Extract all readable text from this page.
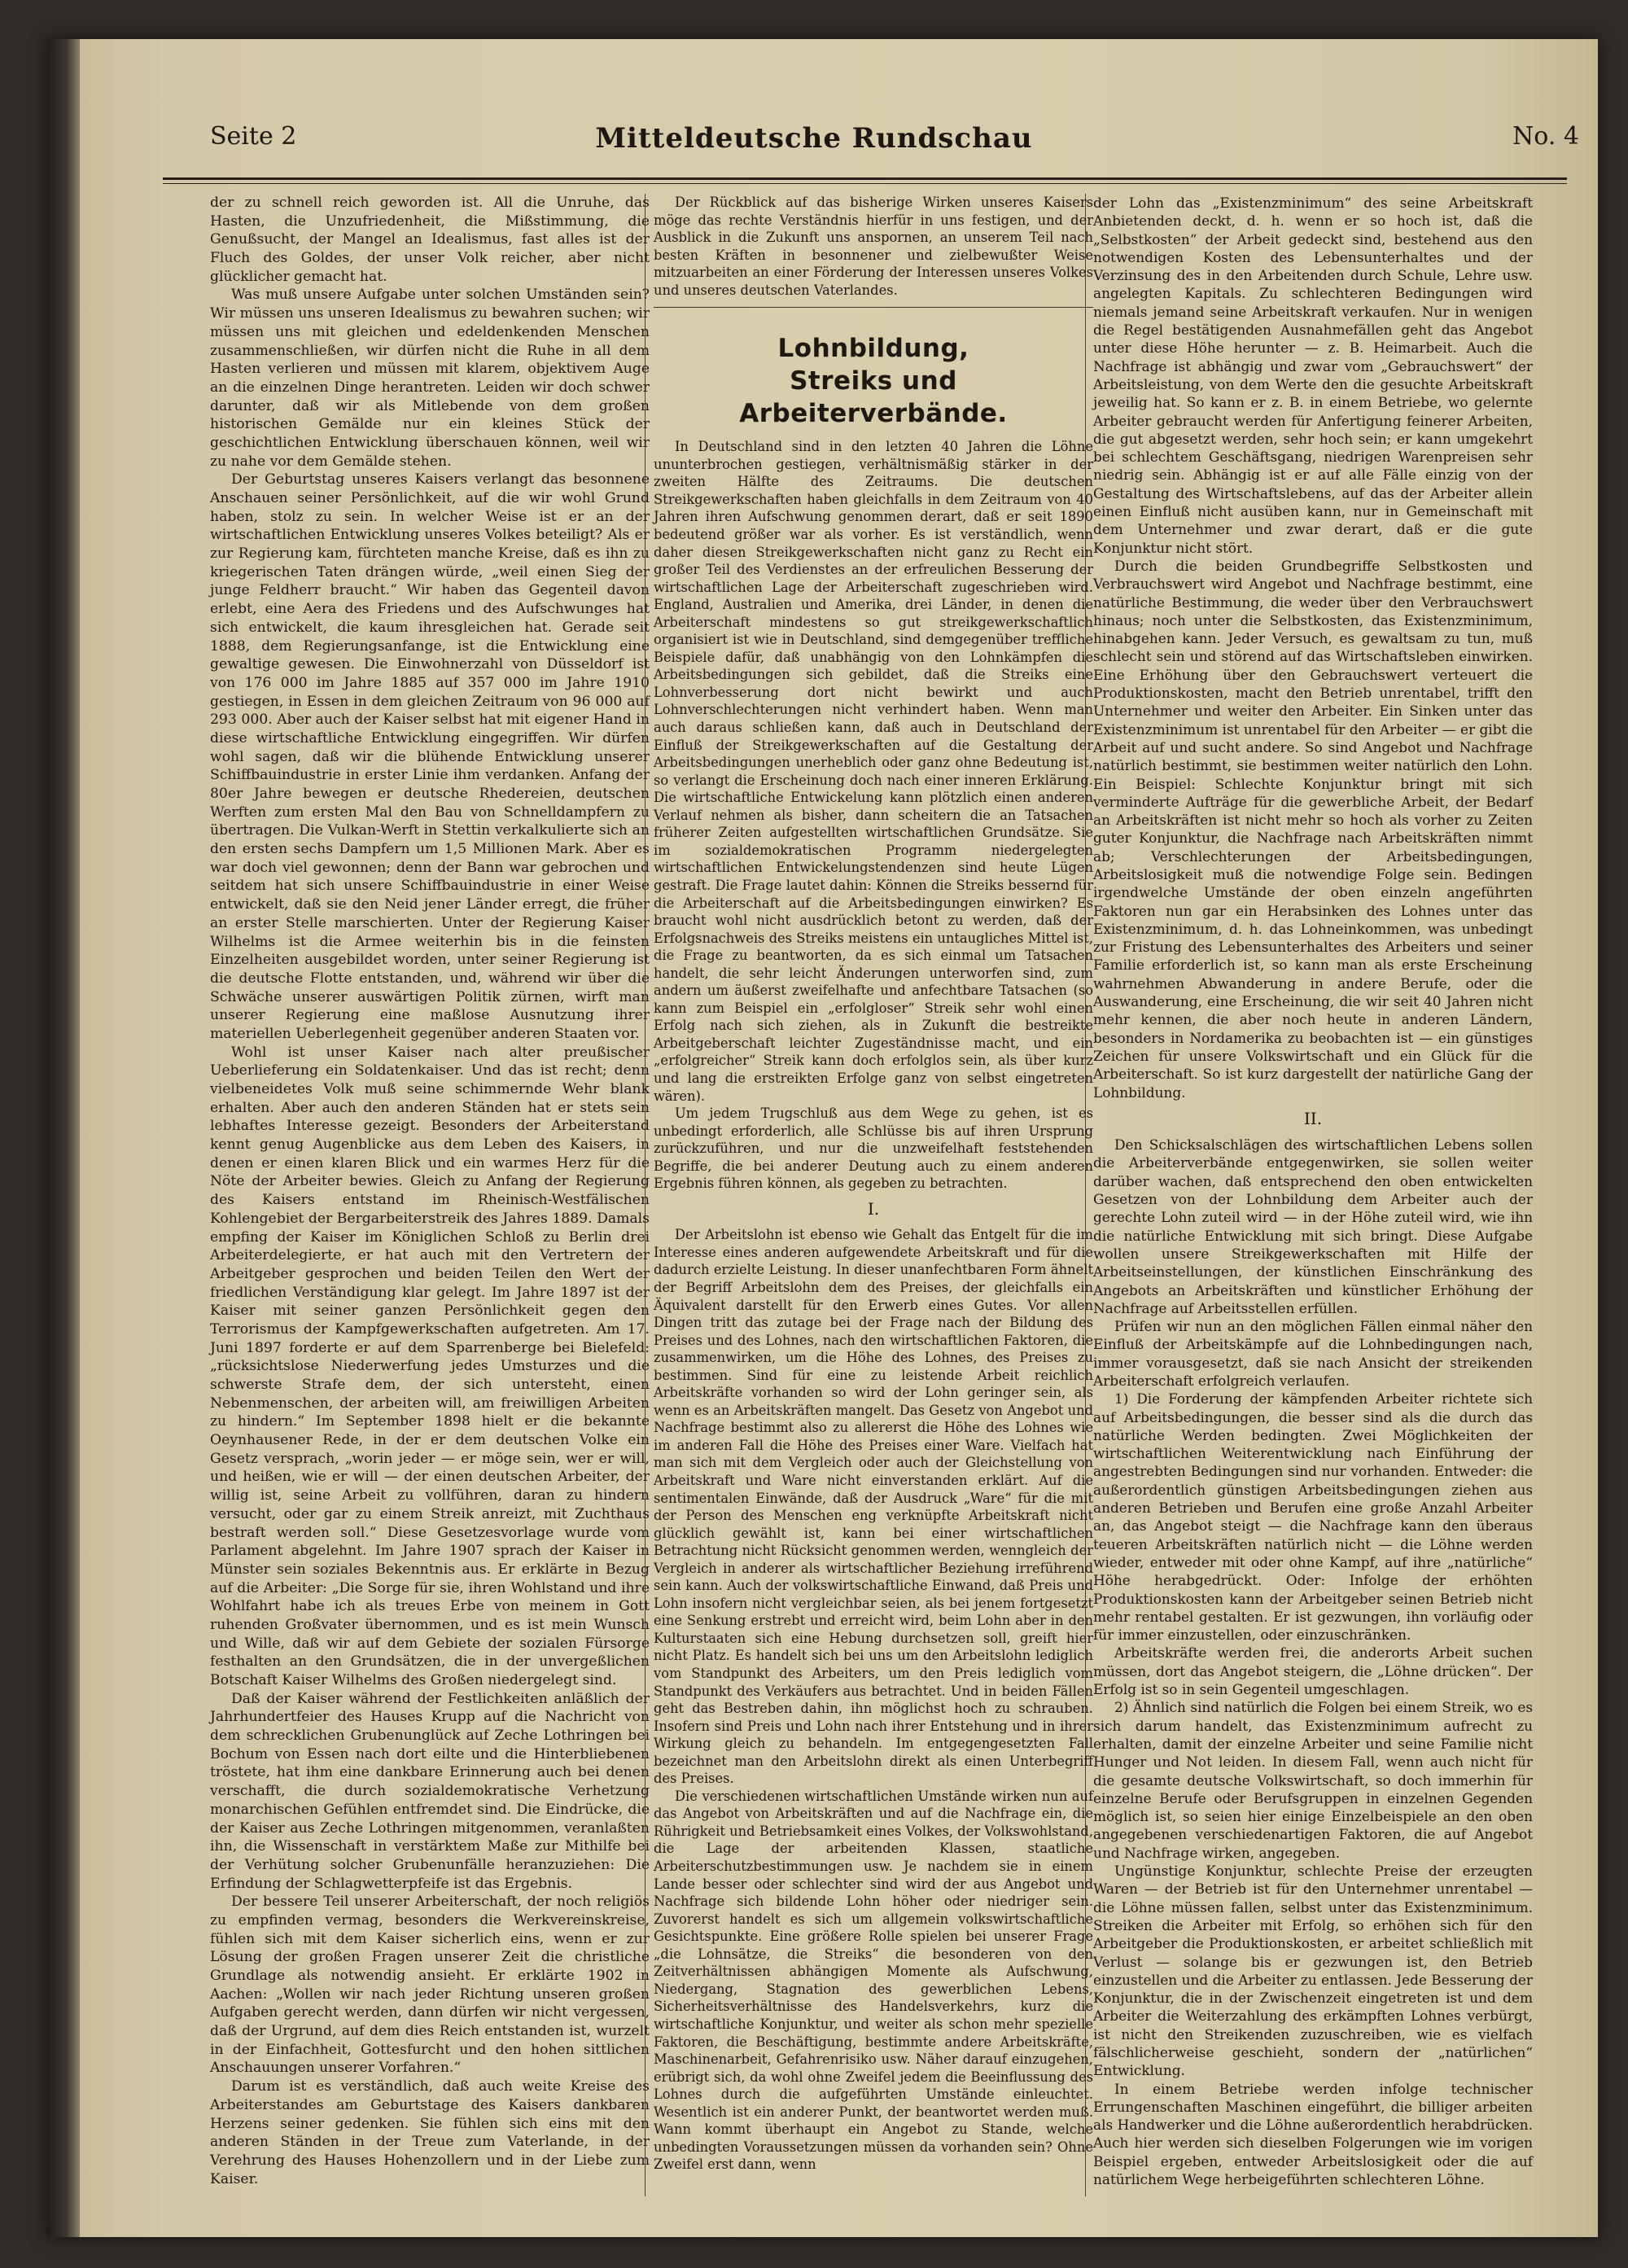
Seite 2	Mitteldeutsche Rundschau	No. 4

der zu schnell reich geworden ist. All die Unruhe, das Hasten, die Unzufriedenheit, die Mißstimmung, die Genußsucht, der Mangel an Idealismus, fast alles ist der Fluch des Goldes, der unser Volk reicher, aber nicht glücklicher gemacht hat.

Was muß unsere Aufgabe unter solchen Umständen sein? Wir müssen uns unseren Idealismus zu bewahren suchen; wir müssen uns mit gleichen und edeldenkenden Menschen zusammenschließen, wir dürfen nicht die Ruhe in all dem Hasten verlieren und müssen mit klarem, objektivem Auge an die einzelnen Dinge herantreten. Leiden wir doch schwer darunter, daß wir als Mitlebende von dem großen historischen Gemälde nur ein kleines Stück der geschichtlichen Entwicklung überschauen können, weil wir zu nahe vor dem Gemälde stehen.

Der Geburtstag unseres Kaisers verlangt das besonnene Anschauen seiner Persönlichkeit, auf die wir wohl Grund haben, stolz zu sein. In welcher Weise ist er an der wirtschaftlichen Entwicklung unseres Volkes beteiligt? Als er zur Regierung kam, fürchteten manche Kreise, daß es ihn zu kriegerischen Taten drängen würde, „weil einen Sieg der junge Feldherr braucht.“ Wir haben das Gegenteil davon erlebt, eine Aera des Friedens und des Aufschwunges hat sich entwickelt, die kaum ihresgleichen hat. Gerade seit 1888, dem Regierungsanfange, ist die Entwicklung eine gewaltige gewesen. Die Einwohnerzahl von Düsseldorf ist von 176 000 im Jahre 1885 auf 357 000 im Jahre 1910 gestiegen, in Essen in dem gleichen Zeitraum von 96 000 auf 293 000. Aber auch der Kaiser selbst hat mit eigener Hand in diese wirtschaftliche Entwicklung eingegriffen. Wir dürfen wohl sagen, daß wir die blühende Entwicklung unserer Schiffbauindustrie in erster Linie ihm verdanken. Anfang der 80er Jahre bewegen er deutsche Rhedereien, deutschen Werften zum ersten Mal den Bau von Schnelldampfern zu übertragen. Die Vulkan-Werft in Stettin verkalkulierte sich an den ersten sechs Dampfern um 1,5 Millionen Mark. Aber es war doch viel gewonnen; denn der Bann war gebrochen und seitdem hat sich unsere Schiffbauindustrie in einer Weise entwickelt, daß sie den Neid jener Länder erregt, die früher an erster Stelle marschierten. Unter der Regierung Kaiser Wilhelms ist die Armee weiterhin bis in die feinsten Einzelheiten ausgebildet worden, unter seiner Regierung ist die deutsche Flotte entstanden, und, während wir über die Schwäche unserer auswärtigen Politik zürnen, wirft man unserer Regierung eine maßlose Ausnutzung ihrer materiellen Ueberlegenheit gegenüber anderen Staaten vor.

Wohl ist unser Kaiser nach alter preußischer Ueberlieferung ein Soldatenkaiser. Und das ist recht; denn vielbeneidetes Volk muß seine schimmernde Wehr blank erhalten. Aber auch den anderen Ständen hat er stets sein lebhaftes Interesse gezeigt. Besonders der Arbeiterstand kennt genug Augenblicke aus dem Leben des Kaisers, in denen er einen klaren Blick und ein warmes Herz für die Nöte der Arbeiter bewies. Gleich zu Anfang der Regierung des Kaisers entstand im Rheinisch-Westfälischen Kohlengebiet der Bergarbeiterstreik des Jahres 1889. Damals empfing der Kaiser im Königlichen Schloß zu Berlin drei Arbeiterdelegierte, er hat auch mit den Vertretern der Arbeitgeber gesprochen und beiden Teilen den Wert der friedlichen Verständigung klar gelegt. Im Jahre 1897 ist der Kaiser mit seiner ganzen Persönlichkeit gegen den Terrorismus der Kampfgewerkschaften aufgetreten. Am 17. Juni 1897 forderte er auf dem Sparrenberge bei Bielefeld: „rücksichtslose Niederwerfung jedes Umsturzes und die schwerste Strafe dem, der sich untersteht, einen Nebenmenschen, der arbeiten will, am freiwilligen Arbeiten zu hindern.“ Im September 1898 hielt er die bekannte Oeynhausener Rede, in der er dem deutschen Volke ein Gesetz versprach, „worin jeder — er möge sein, wer er will, und heißen, wie er will — der einen deutschen Arbeiter, der willig ist, seine Arbeit zu vollführen, daran zu hindern versucht, oder gar zu einem Streik anreizt, mit Zuchthaus bestraft werden soll.“ Diese Gesetzesvorlage wurde vom Parlament abgelehnt. Im Jahre 1907 sprach der Kaiser in Münster sein soziales Bekenntnis aus. Er erklärte in Bezug auf die Arbeiter: „Die Sorge für sie, ihren Wohlstand und ihre Wohlfahrt habe ich als treues Erbe von meinem in Gott ruhenden Großvater übernommen, und es ist mein Wunsch und Wille, daß wir auf dem Gebiete der sozialen Fürsorge festhalten an den Grundsätzen, die in der unvergeßlichen Botschaft Kaiser Wilhelms des Großen niedergelegt sind.

Daß der Kaiser während der Festlichkeiten anläßlich der Jahrhundertfeier des Hauses Krupp auf die Nachricht von dem schrecklichen Grubenunglück auf Zeche Lothringen bei Bochum von Essen nach dort eilte und die Hinterbliebenen tröstete, hat ihm eine dankbare Erinnerung auch bei denen verschafft, die durch sozialdemokratische Verhetzung monarchischen Gefühlen entfremdet sind. Die Eindrücke, die der Kaiser aus Zeche Lothringen mitgenommen, veranlaßten ihn, die Wissenschaft in verstärktem Maße zur Mithilfe bei der Verhütung solcher Grubenunfälle heranzuziehen: Die Erfindung der Schlagwetterpfeife ist das Ergebnis.

Der bessere Teil unserer Arbeiterschaft, der noch religiös zu empfinden vermag, besonders die Werkvereinskreise, fühlen sich mit dem Kaiser sicherlich eins, wenn er zur Lösung der großen Fragen unserer Zeit die christliche Grundlage als notwendig ansieht. Er erklärte 1902 in Aachen: „Wollen wir nach jeder Richtung unseren großen Aufgaben gerecht werden, dann dürfen wir nicht vergessen, daß der Urgrund, auf dem dies Reich entstanden ist, wurzelt in der Einfachheit, Gottesfurcht und den hohen sittlichen Anschauungen unserer Vorfahren.“

Darum ist es verständlich, daß auch weite Kreise des Arbeiterstandes am Geburtstage des Kaisers dankbaren Herzens seiner gedenken. Sie fühlen sich eins mit den anderen Ständen in der Treue zum Vaterlande, in der Verehrung des Hauses Hohenzollern und in der Liebe zum Kaiser.

Der Rückblick auf das bisherige Wirken unseres Kaisers möge das rechte Verständnis hierfür in uns festigen, und der Ausblick in die Zukunft uns anspornen, an unserem Teil nach besten Kräften in besonnener und zielbewußter Weise mitzuarbeiten an einer Förderung der Interessen unseres Volkes und unseres deutschen Vaterlandes.

Lohnbildung,
Streiks und Arbeiterverbände.

In Deutschland sind in den letzten 40 Jahren die Löhne ununterbrochen gestiegen, verhältnismäßig stärker in der zweiten Hälfte des Zeitraums. Die deutschen Streikgewerkschaften haben gleichfalls in dem Zeitraum von 40 Jahren ihren Aufschwung genommen derart, daß er seit 1890 bedeutend größer war als vorher. Es ist verständlich, wenn daher diesen Streikgewerkschaften nicht ganz zu Recht ein großer Teil des Verdienstes an der erfreulichen Besserung der wirtschaftlichen Lage der Arbeiterschaft zugeschrieben wird. England, Australien und Amerika, drei Länder, in denen die Arbeiterschaft mindestens so gut streikgewerkschaftlich organisiert ist wie in Deutschland, sind demgegenüber treffliche Beispiele dafür, daß unabhängig von den Lohnkämpfen die Arbeitsbedingungen sich gebildet, daß die Streiks eine Lohnverbesserung dort nicht bewirkt und auch Lohnverschlechterungen nicht verhindert haben. Wenn man auch daraus schließen kann, daß auch in Deutschland der Einfluß der Streikgewerkschaften auf die Gestaltung der Arbeitsbedingungen unerheblich oder ganz ohne Bedeutung ist, so verlangt die Erscheinung doch nach einer inneren Erklärung. Die wirtschaftliche Entwickelung kann plötzlich einen anderen Verlauf nehmen als bisher, dann scheitern die an Tatsachen früherer Zeiten aufgestellten wirtschaftlichen Grundsätze. Sie im sozialdemokratischen Programm niedergelegten wirtschaftlichen Entwickelungstendenzen sind heute Lügen gestraft. Die Frage lautet dahin: Können die Streiks bessernd für die Arbeiterschaft auf die Arbeitsbedingungen einwirken? Es braucht wohl nicht ausdrücklich betont zu werden, daß der Erfolgsnachweis des Streiks meistens ein untaugliches Mittel ist, die Frage zu beantworten, da es sich einmal um Tatsachen handelt, die sehr leicht Änderungen unterworfen sind, zum andern um äußerst zweifelhafte und anfechtbare Tatsachen (so kann zum Beispiel ein „erfolgloser“ Streik sehr wohl einen Erfolg nach sich ziehen, als in Zukunft die bestreikte Arbeitgeberschaft leichter Zugeständnisse macht, und ein „erfolgreicher“ Streik kann doch erfolglos sein, als über kurz und lang die erstreikten Erfolge ganz von selbst eingetreten wären).

Um jedem Trugschluß aus dem Wege zu gehen, ist es unbedingt erforderlich, alle Schlüsse bis auf ihren Ursprung zurückzuführen, und nur die unzweifelhaft feststehenden Begriffe, die bei anderer Deutung auch zu einem anderen Ergebnis führen können, als gegeben zu betrachten.

I.

Der Arbeitslohn ist ebenso wie Gehalt das Entgelt für die im Interesse eines anderen aufgewendete Arbeitskraft und für die dadurch erzielte Leistung. In dieser unanfechtbaren Form ähnelt der Begriff Arbeitslohn dem des Preises, der gleichfalls ein Äquivalent darstellt für den Erwerb eines Gutes. Vor allen Dingen tritt das zutage bei der Frage nach der Bildung des Preises und des Lohnes, nach den wirtschaftlichen Faktoren, die zusammenwirken, um die Höhe des Lohnes, des Preises zu bestimmen. Sind für eine zu leistende Arbeit reichlich Arbeitskräfte vorhanden so wird der Lohn geringer sein, als wenn es an Arbeitskräften mangelt. Das Gesetz von Angebot und Nachfrage bestimmt also zu allererst die Höhe des Lohnes wie im anderen Fall die Höhe des Preises einer Ware. Vielfach hat man sich mit dem Vergleich oder auch der Gleichstellung von Arbeitskraft und Ware nicht einverstanden erklärt. Auf die sentimentalen Einwände, daß der Ausdruck „Ware“ für die mit der Person des Menschen eng verknüpfte Arbeitskraft nicht glücklich gewählt ist, kann bei einer wirtschaftlichen Betrachtung nicht Rücksicht genommen werden, wenngleich der Vergleich in anderer als wirtschaftlicher Beziehung irreführend sein kann. Auch der volkswirtschaftliche Einwand, daß Preis und Lohn insofern nicht vergleichbar seien, als bei jenem fortgesetzt eine Senkung erstrebt und erreicht wird, beim Lohn aber in den Kulturstaaten sich eine Hebung durchsetzen soll, greift hier nicht Platz. Es handelt sich bei uns um den Arbeitslohn lediglich vom Standpunkt des Arbeiters, um den Preis lediglich vom Standpunkt des Verkäufers aus betrachtet. Und in beiden Fällen geht das Bestreben dahin, ihn möglichst hoch zu schrauben. Insofern sind Preis und Lohn nach ihrer Entstehung und in ihrer Wirkung gleich zu behandeln. Im entgegengesetzten Fall bezeichnet man den Arbeitslohn direkt als einen Unterbegriff des Preises.

Die verschiedenen wirtschaftlichen Umstände wirken nun auf das Angebot von Arbeitskräften und auf die Nachfrage ein, die Rührigkeit und Betriebsamkeit eines Volkes, der Volkswohlstand, die Lage der arbeitenden Klassen, staatliche Arbeiterschutzbestimmungen usw. Je nachdem sie in einem Lande besser oder schlechter sind wird der aus Angebot und Nachfrage sich bildende Lohn höher oder niedriger sein. Zuvorerst handelt es sich um allgemein volkswirtschaftliche Gesichtspunkte. Eine größere Rolle spielen bei unserer Frage „die Lohnsätze, die Streiks“ die besonderen von den Zeitverhältnissen abhängigen Momente als Aufschwung, Niedergang, Stagnation des gewerblichen Lebens, Sicherheitsverhältnisse des Handelsverkehrs, kurz die wirtschaftliche Konjunktur, und weiter als schon mehr spezielle Faktoren, die Beschäftigung, bestimmte andere Arbeitskräfte, Maschinenarbeit, Gefahrenrisiko usw. Näher darauf einzugehen, erübrigt sich, da wohl ohne Zweifel jedem die Beeinflussung des Lohnes durch die aufgeführten Umstände einleuchtet. Wesentlich ist ein anderer Punkt, der beantwortet werden muß. Wann kommt überhaupt ein Angebot zu Stande, welche unbedingten Voraussetzungen müssen da vorhanden sein? Ohne Zweifel erst dann, wenn

der Lohn das „Existenzminimum“ des seine Arbeitskraft Anbietenden deckt, d. h. wenn er so hoch ist, daß die „Selbstkosten“ der Arbeit gedeckt sind, bestehend aus den notwendigen Kosten des Lebensunterhaltes und der Verzinsung des in den Arbeitenden durch Schule, Lehre usw. angelegten Kapitals. Zu schlechteren Bedingungen wird niemals jemand seine Arbeitskraft verkaufen. Nur in wenigen die Regel bestätigenden Ausnahmefällen geht das Angebot unter diese Höhe herunter — z. B. Heimarbeit. Auch die Nachfrage ist abhängig und zwar vom „Gebrauchswert“ der Arbeitsleistung, von dem Werte den die gesuchte Arbeitskraft jeweilig hat. So kann er z. B. in einem Betriebe, wo gelernte Arbeiter gebraucht werden für Anfertigung feinerer Arbeiten, die gut abgesetzt werden, sehr hoch sein; er kann umgekehrt bei schlechtem Geschäftsgang, niedrigen Warenpreisen sehr niedrig sein. Abhängig ist er auf alle Fälle einzig von der Gestaltung des Wirtschaftslebens, auf das der Arbeiter allein einen Einfluß nicht ausüben kann, nur in Gemeinschaft mit dem Unternehmer und zwar derart, daß er die gute Konjunktur nicht stört.

Durch die beiden Grundbegriffe Selbstkosten und Verbrauchswert wird Angebot und Nachfrage bestimmt, eine natürliche Bestimmung, die weder über den Verbrauchswert hinaus; noch unter die Selbstkosten, das Existenzminimum, hinabgehen kann. Jeder Versuch, es gewaltsam zu tun, muß schlecht sein und störend auf das Wirtschaftsleben einwirken. Eine Erhöhung über den Gebrauchswert verteuert die Produktionskosten, macht den Betrieb unrentabel, trifft den Unternehmer und weiter den Arbeiter. Ein Sinken unter das Existenzminimum ist unrentabel für den Arbeiter — er gibt die Arbeit auf und sucht andere. So sind Angebot und Nachfrage natürlich bestimmt, sie bestimmen weiter natürlich den Lohn. Ein Beispiel: Schlechte Konjunktur bringt mit sich verminderte Aufträge für die gewerbliche Arbeit, der Bedarf an Arbeitskräften ist nicht mehr so hoch als vorher zu Zeiten guter Konjunktur, die Nachfrage nach Arbeitskräften nimmt ab; Verschlechterungen der Arbeitsbedingungen, Arbeitslosigkeit muß die notwendige Folge sein. Bedingen irgendwelche Umstände der oben einzeln angeführten Faktoren nun gar ein Herabsinken des Lohnes unter das Existenzminimum, d. h. das Lohneinkommen, was unbedingt zur Fristung des Lebensunterhaltes des Arbeiters und seiner Familie erforderlich ist, so kann man als erste Erscheinung wahrnehmen Abwanderung in andere Berufe, oder die Auswanderung, eine Erscheinung, die wir seit 40 Jahren nicht mehr kennen, die aber noch heute in anderen Ländern, besonders in Nordamerika zu beobachten ist — ein günstiges Zeichen für unsere Volkswirtschaft und ein Glück für die Arbeiterschaft. So ist kurz dargestellt der natürliche Gang der Lohnbildung.

II.

Den Schicksalschlägen des wirtschaftlichen Lebens sollen die Arbeiterverbände entgegenwirken, sie sollen weiter darüber wachen, daß entsprechend den oben entwickelten Gesetzen von der Lohnbildung dem Arbeiter auch der gerechte Lohn zuteil wird — in der Höhe zuteil wird, wie ihn die natürliche Entwicklung mit sich bringt. Diese Aufgabe wollen unsere Streikgewerkschaften mit Hilfe der Arbeitseinstellungen, der künstlichen Einschränkung des Angebots an Arbeitskräften und künstlicher Erhöhung der Nachfrage auf Arbeitsstellen erfüllen.

Prüfen wir nun an den möglichen Fällen einmal näher den Einfluß der Arbeitskämpfe auf die Lohnbedingungen nach, immer vorausgesetzt, daß sie nach Ansicht der streikenden Arbeiterschaft erfolgreich verlaufen.

1) Die Forderung der kämpfenden Arbeiter richtete sich auf Arbeitsbedingungen, die besser sind als die durch das natürliche Werden bedingten. Zwei Möglichkeiten der wirtschaftlichen Weiterentwicklung nach Einführung der angestrebten Bedingungen sind nur vorhanden. Entweder: die außerordentlich günstigen Arbeitsbedingungen ziehen aus anderen Betrieben und Berufen eine große Anzahl Arbeiter an, das Angebot steigt — die Nachfrage kann den überaus teueren Arbeitskräften natürlich nicht — die Löhne werden wieder, entweder mit oder ohne Kampf, auf ihre „natürliche“ Höhe herabgedrückt. Oder: Infolge der erhöhten Produktionskosten kann der Arbeitgeber seinen Betrieb nicht mehr rentabel gestalten. Er ist gezwungen, ihn vorläufig oder für immer einzustellen, oder einzuschränken.

Arbeitskräfte werden frei, die anderorts Arbeit suchen müssen, dort das Angebot steigern, die „Löhne drücken“. Der Erfolg ist so in sein Gegenteil umgeschlagen.

2) Ähnlich sind natürlich die Folgen bei einem Streik, wo es sich darum handelt, das Existenzminimum aufrecht zu erhalten, damit der einzelne Arbeiter und seine Familie nicht Hunger und Not leiden. In diesem Fall, wenn auch nicht für die gesamte deutsche Volkswirtschaft, so doch immerhin für einzelne Berufe oder Berufsgruppen in einzelnen Gegenden möglich ist, so seien hier einige Einzelbeispiele an den oben angegebenen verschiedenartigen Faktoren, die auf Angebot und Nachfrage wirken, angegeben.

Ungünstige Konjunktur, schlechte Preise der erzeugten Waren — der Betrieb ist für den Unternehmer unrentabel — die Löhne müssen fallen, selbst unter das Existenzminimum. Streiken die Arbeiter mit Erfolg, so erhöhen sich für den Arbeitgeber die Produktionskosten, er arbeitet schließlich mit Verlust — solange bis er gezwungen ist, den Betrieb einzustellen und die Arbeiter zu entlassen. Jede Besserung der Konjunktur, die in der Zwischenzeit eingetreten ist und dem Arbeiter die Weiterzahlung des erkämpften Lohnes verbürgt, ist nicht den Streikenden zuzuschreiben, wie es vielfach fälschlicherweise geschieht, sondern der „natürlichen“ Entwicklung.

In einem Betriebe werden infolge technischer Errungenschaften Maschinen eingeführt, die billiger arbeiten als Handwerker und die Löhne außerordentlich herabdrücken. Auch hier werden sich dieselben Folgerungen wie im vorigen Beispiel ergeben, entweder Arbeitslosigkeit oder die auf natürlichem Wege herbeigeführten schlechteren Löhne.
